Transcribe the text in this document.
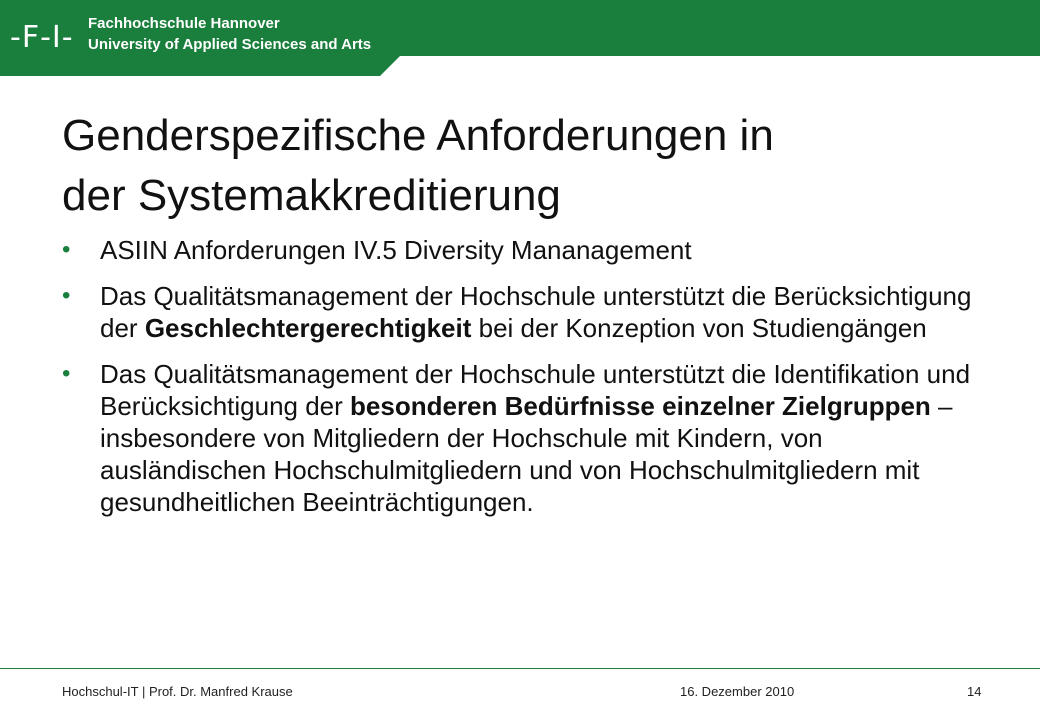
-F-I- Fachhochschule Hannover
University of Applied Sciences and Arts
Genderspezifische Anforderungen in
der Systemakkreditierung
• ASIIN Anforderungen IV.5 Diversity Mananagement
• Das Qualitätsmanagement der Hochschule unterstützt die Berücksichtigung der Geschlechtergerechtigkeit bei der Konzeption von Studiengängen
• Das Qualitätsmanagement der Hochschule unterstützt die Identifikation und Berücksichtigung der besonderen Bedürfnisse einzelner Zielgruppen – insbesondere von Mitgliedern der Hochschule mit Kindern, von ausländischen Hochschulmitgliedern und von Hochschulmitgliedern mit gesundheitlichen Beeinträchtigungen.
Hochschul-IT | Prof. Dr. Manfred Krause	16. Dezember 2010	14
